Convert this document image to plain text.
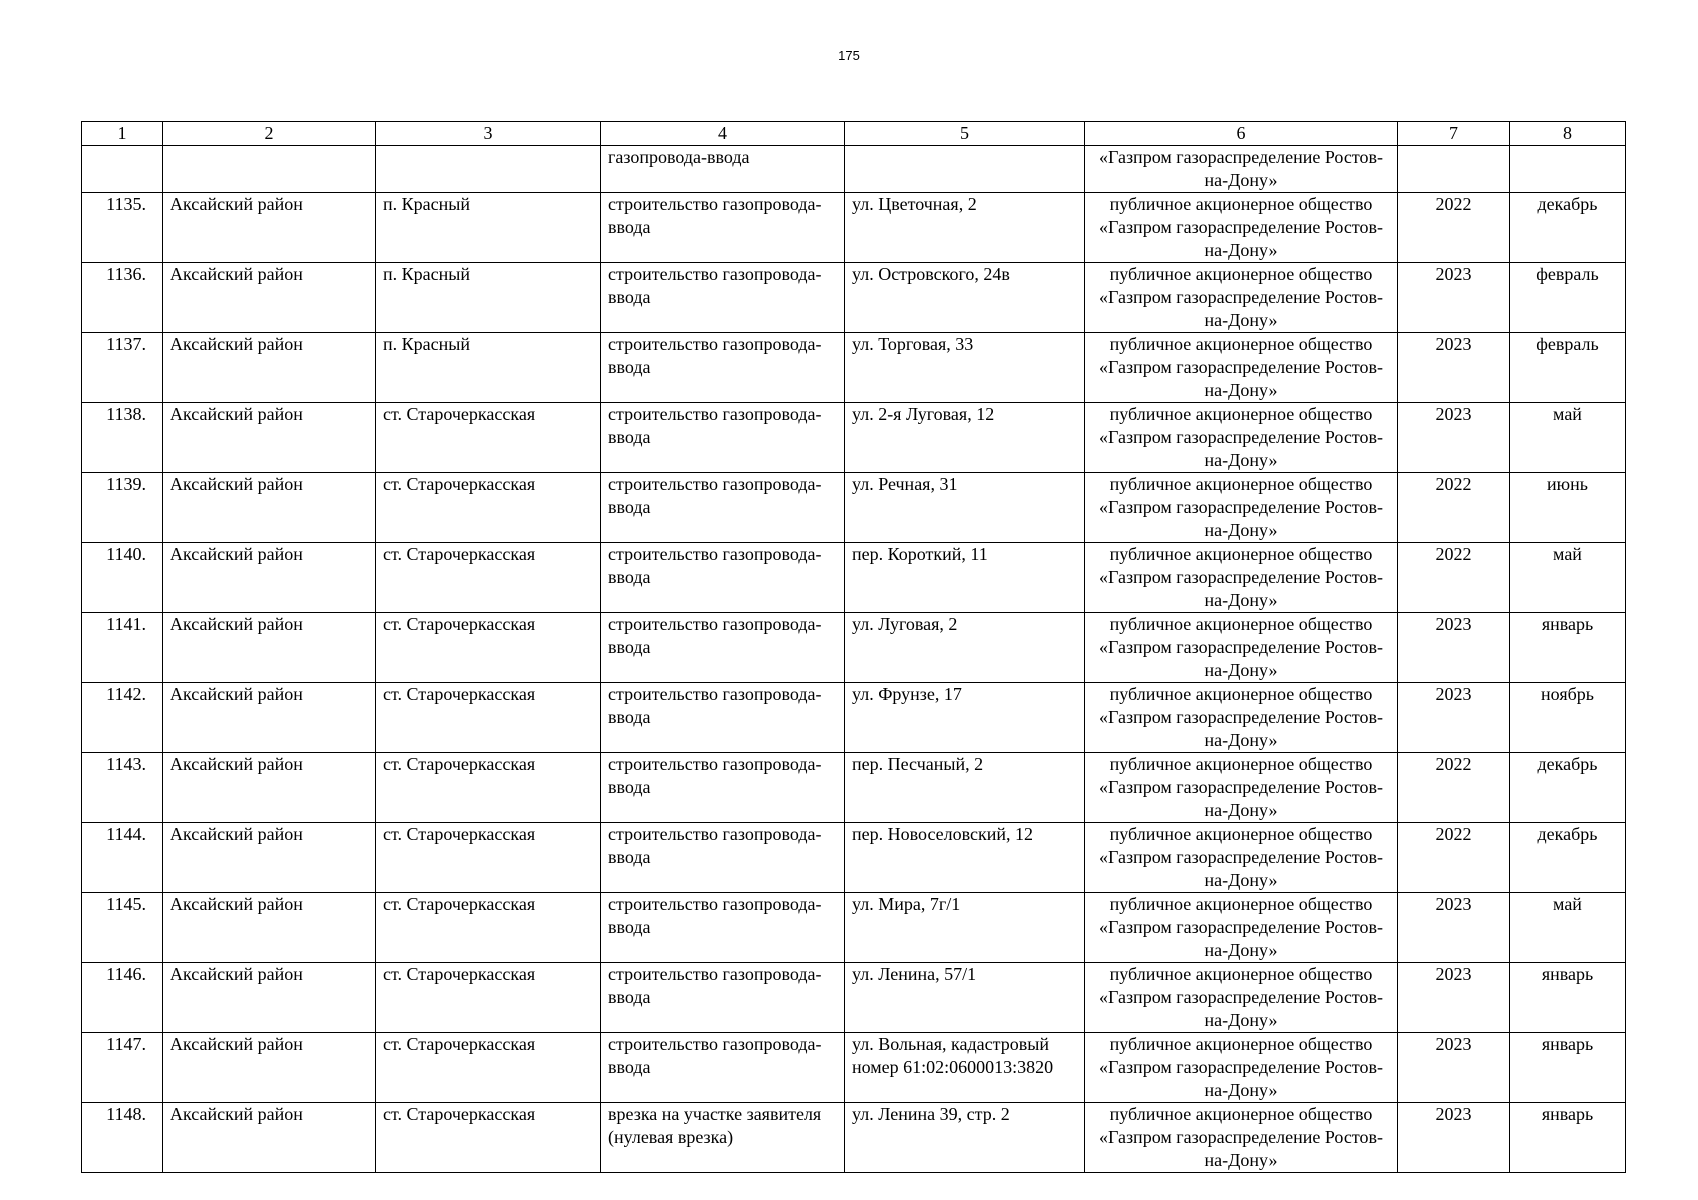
175
1	2	3	4	5	6	7	8
			газопровода-ввода		«Газпром газораспределение Ростов-на-Дону»		
1135.	Аксайский район	п. Красный	строительство газопровода-ввода	ул. Цветочная, 2	публичное акционерное общество «Газпром газораспределение Ростов-на-Дону»	2022	декабрь
1136.	Аксайский район	п. Красный	строительство газопровода-ввода	ул. Островского, 24в	публичное акционерное общество «Газпром газораспределение Ростов-на-Дону»	2023	февраль
1137.	Аксайский район	п. Красный	строительство газопровода-ввода	ул. Торговая, 33	публичное акционерное общество «Газпром газораспределение Ростов-на-Дону»	2023	февраль
1138.	Аксайский район	ст. Старочеркасская	строительство газопровода-ввода	ул. 2-я Луговая, 12	публичное акционерное общество «Газпром газораспределение Ростов-на-Дону»	2023	май
1139.	Аксайский район	ст. Старочеркасская	строительство газопровода-ввода	ул. Речная, 31	публичное акционерное общество «Газпром газораспределение Ростов-на-Дону»	2022	июнь
1140.	Аксайский район	ст. Старочеркасская	строительство газопровода-ввода	пер. Короткий, 11	публичное акционерное общество «Газпром газораспределение Ростов-на-Дону»	2022	май
1141.	Аксайский район	ст. Старочеркасская	строительство газопровода-ввода	ул. Луговая, 2	публичное акционерное общество «Газпром газораспределение Ростов-на-Дону»	2023	январь
1142.	Аксайский район	ст. Старочеркасская	строительство газопровода-ввода	ул. Фрунзе, 17	публичное акционерное общество «Газпром газораспределение Ростов-на-Дону»	2023	ноябрь
1143.	Аксайский район	ст. Старочеркасская	строительство газопровода-ввода	пер. Песчаный, 2	публичное акционерное общество «Газпром газораспределение Ростов-на-Дону»	2022	декабрь
1144.	Аксайский район	ст. Старочеркасская	строительство газопровода-ввода	пер. Новоселовский, 12	публичное акционерное общество «Газпром газораспределение Ростов-на-Дону»	2022	декабрь
1145.	Аксайский район	ст. Старочеркасская	строительство газопровода-ввода	ул. Мира, 7г/1	публичное акционерное общество «Газпром газораспределение Ростов-на-Дону»	2023	май
1146.	Аксайский район	ст. Старочеркасская	строительство газопровода-ввода	ул. Ленина, 57/1	публичное акционерное общество «Газпром газораспределение Ростов-на-Дону»	2023	январь
1147.	Аксайский район	ст. Старочеркасская	строительство газопровода-ввода	ул. Вольная, кадастровый номер 61:02:0600013:3820	публичное акционерное общество «Газпром газораспределение Ростов-на-Дону»	2023	январь
1148.	Аксайский район	ст. Старочеркасская	врезка на участке заявителя (нулевая врезка)	ул. Ленина 39, стр. 2	публичное акционерное общество «Газпром газораспределение Ростов-на-Дону»	2023	январь
